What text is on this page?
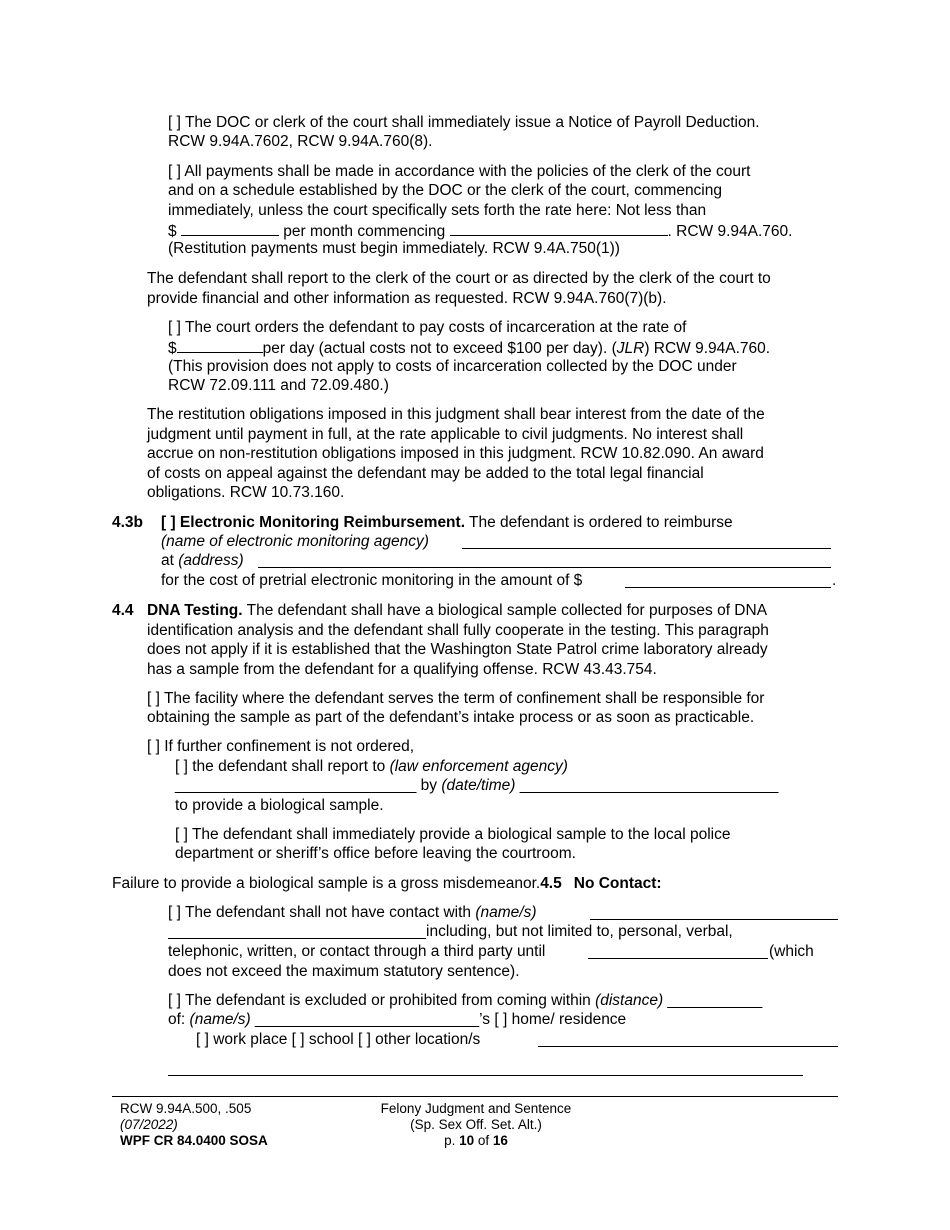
[ ] The DOC or clerk of the court shall immediately issue a Notice of Payroll Deduction.
RCW 9.94A.7602, RCW 9.94A.760(8).
[ ] All payments shall be made in accordance with the policies of the clerk of the court
and on a schedule established by the DOC or the clerk of the court, commencing
immediately, unless the court specifically sets forth the rate here: Not less than
$	per month commencing	. RCW 9.94A.760.
(Restitution payments must begin immediately. RCW 9.4A.750(1))
The defendant shall report to the clerk of the court or as directed by the clerk of the court to
provide financial and other information as requested. RCW 9.94A.760(7)(b).
[ ] The court orders the defendant to pay costs of incarceration at the rate of
$	per day (actual costs not to exceed $100 per day). (JLR) RCW 9.94A.760.
(This provision does not apply to costs of incarceration collected by the DOC under
RCW 72.09.111 and 72.09.480.)
The restitution obligations imposed in this judgment shall bear interest from the date of the
judgment until payment in full, at the rate applicable to civil judgments. No interest shall
accrue on non-restitution obligations imposed in this judgment. RCW 10.82.090. An award
of costs on appeal against the defendant may be added to the total legal financial
obligations. RCW 10.73.160.
4.3b [ ] Electronic Monitoring Reimbursement. The defendant is ordered to reimburse
(name of electronic monitoring agency)
at (address)
for the cost of pretrial electronic monitoring in the amount of $	.
4.4 DNA Testing. The defendant shall have a biological sample collected for purposes of DNA
identification analysis and the defendant shall fully cooperate in the testing. This paragraph
does not apply if it is established that the Washington State Patrol crime laboratory already
has a sample from the defendant for a qualifying offense. RCW 43.43.754.
[ ] The facility where the defendant serves the term of confinement shall be responsible for
obtaining the sample as part of the defendant’s intake process or as soon as practicable.
[ ] If further confinement is not ordered,
[ ] the defendant shall report to (law enforcement agency)
____________________________ by (date/time) ______________________________
to provide a biological sample.
[ ] The defendant shall immediately provide a biological sample to the local police
department or sheriff’s office before leaving the courtroom.
Failure to provide a biological sample is a gross misdemeanor.4.5 No Contact:
[ ] The defendant shall not have contact with (name/s)
including, but not limited to, personal, verbal,
telephonic, written, or contact through a third party until	(which
does not exceed the maximum statutory sentence).
[ ] The defendant is excluded or prohibited from coming within (distance) ___________
of: (name/s) __________________________’s [ ] home/ residence
[ ] work place [ ] school [ ] other location/s
RCW 9.94A.500, .505
(07/2022)
WPF CR 84.0400 SOSA
Felony Judgment and Sentence
(Sp. Sex Off. Set. Alt.)
p. 10 of 16
